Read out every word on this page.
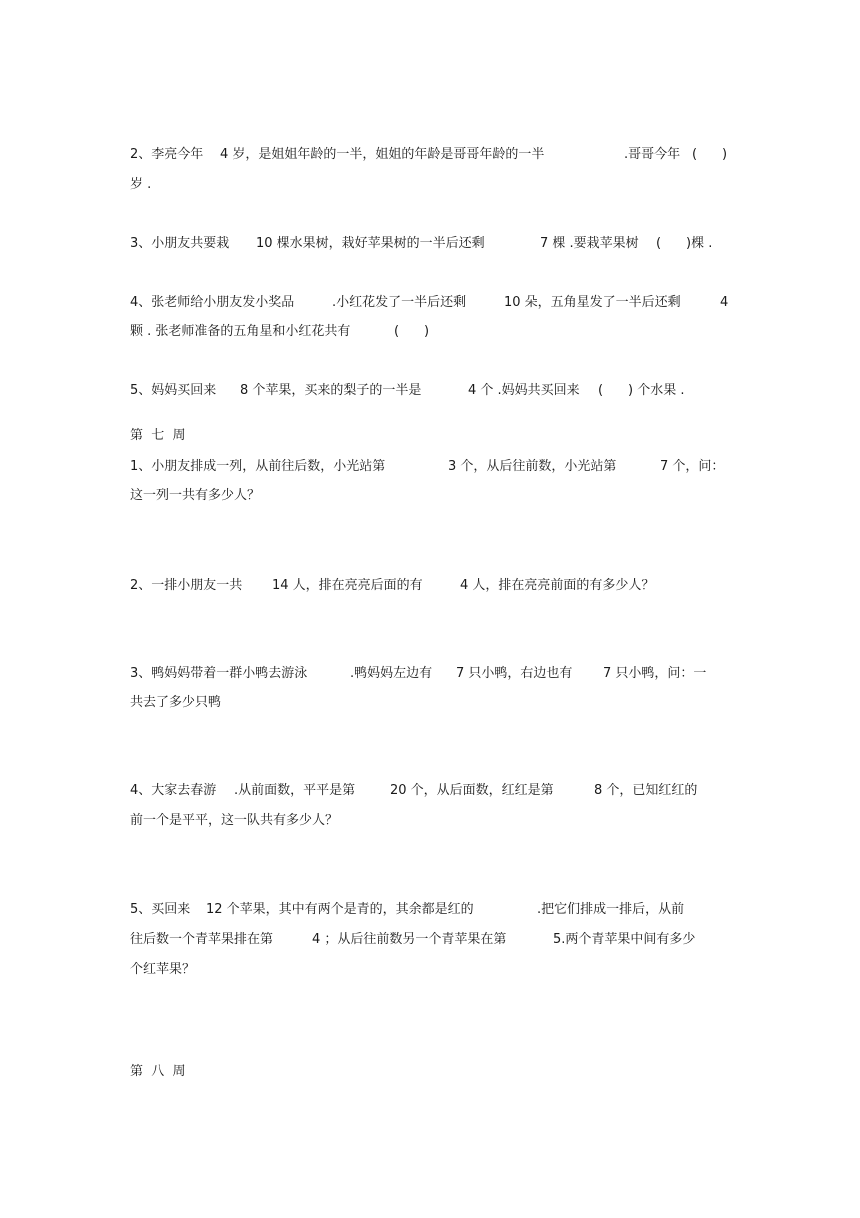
2、李亮今年 4 岁，是姐姐年龄的一半，姐姐的年龄是哥哥年龄的一半	.哥哥今年 ( )
岁 .
3、小朋友共要栽 10 棵水果树，栽好苹果树的一半后还剩	7 棵 .要栽苹果树 ( )棵 .
4、张老师给小朋友发小奖品	.小红花发了一半后还剩	10 朵，五角星发了一半后还剩	4
颗 . 张老师准备的五角星和小红花共有	( )
5、妈妈买回来 8 个苹果，买来的梨子的一半是	4 个 .妈妈共买回来 ( ) 个水果 .
第  七  周
1、小朋友排成一列，从前往后数，小光站第	3 个，从后往前数，小光站第	7 个，问：
这一列一共有多少人？
2、一排小朋友一共 14 人，排在亮亮后面的有	4 人，排在亮亮前面的有多少人？
3、鸭妈妈带着一群小鸭去游泳	.鸭妈妈左边有 7 只小鸭，右边也有 7 只小鸭，问：一
共去了多少只鸭
4、大家去春游 .从前面数，平平是第	20 个，从后面数，红红是第	8 个，已知红红的
前一个是平平，这一队共有多少人？
5、买回来 12 个苹果，其中有两个是青的，其余都是红的	.把它们排成一排后，从前
往后数一个青苹果排在第	4 ；从后往前数另一个青苹果在第	5.两个青苹果中间有多少
个红苹果？
第  八  周
